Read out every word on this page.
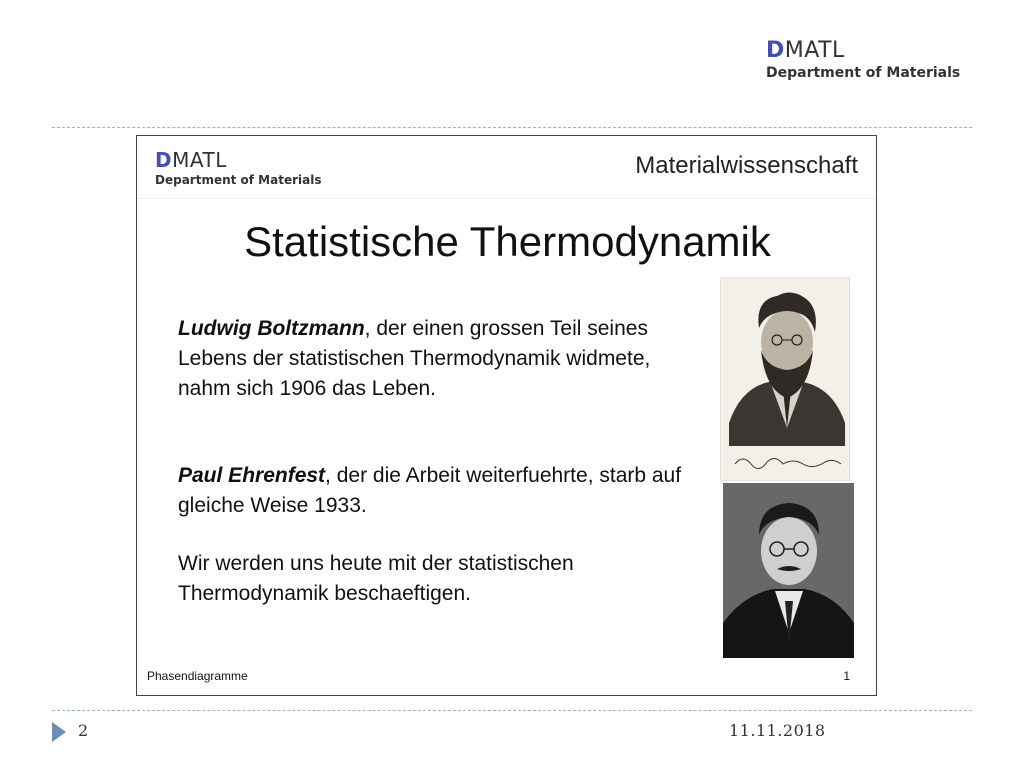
DMATL
Department of Materials
DMATL
Department of Materials
Materialwissenschaft
Statistische Thermodynamik

Ludwig Boltzmann, der einen grossen Teil seines Lebens der statistischen Thermodynamik widmete, nahm sich 1906 das Leben.

Paul Ehrenfest, der die Arbeit weiterfuehrte, starb auf gleiche Weise 1933.

Wir werden uns heute mit der statistischen Thermodynamik beschaeftigen.

Phasendiagramme	1
2	11.11.2018
